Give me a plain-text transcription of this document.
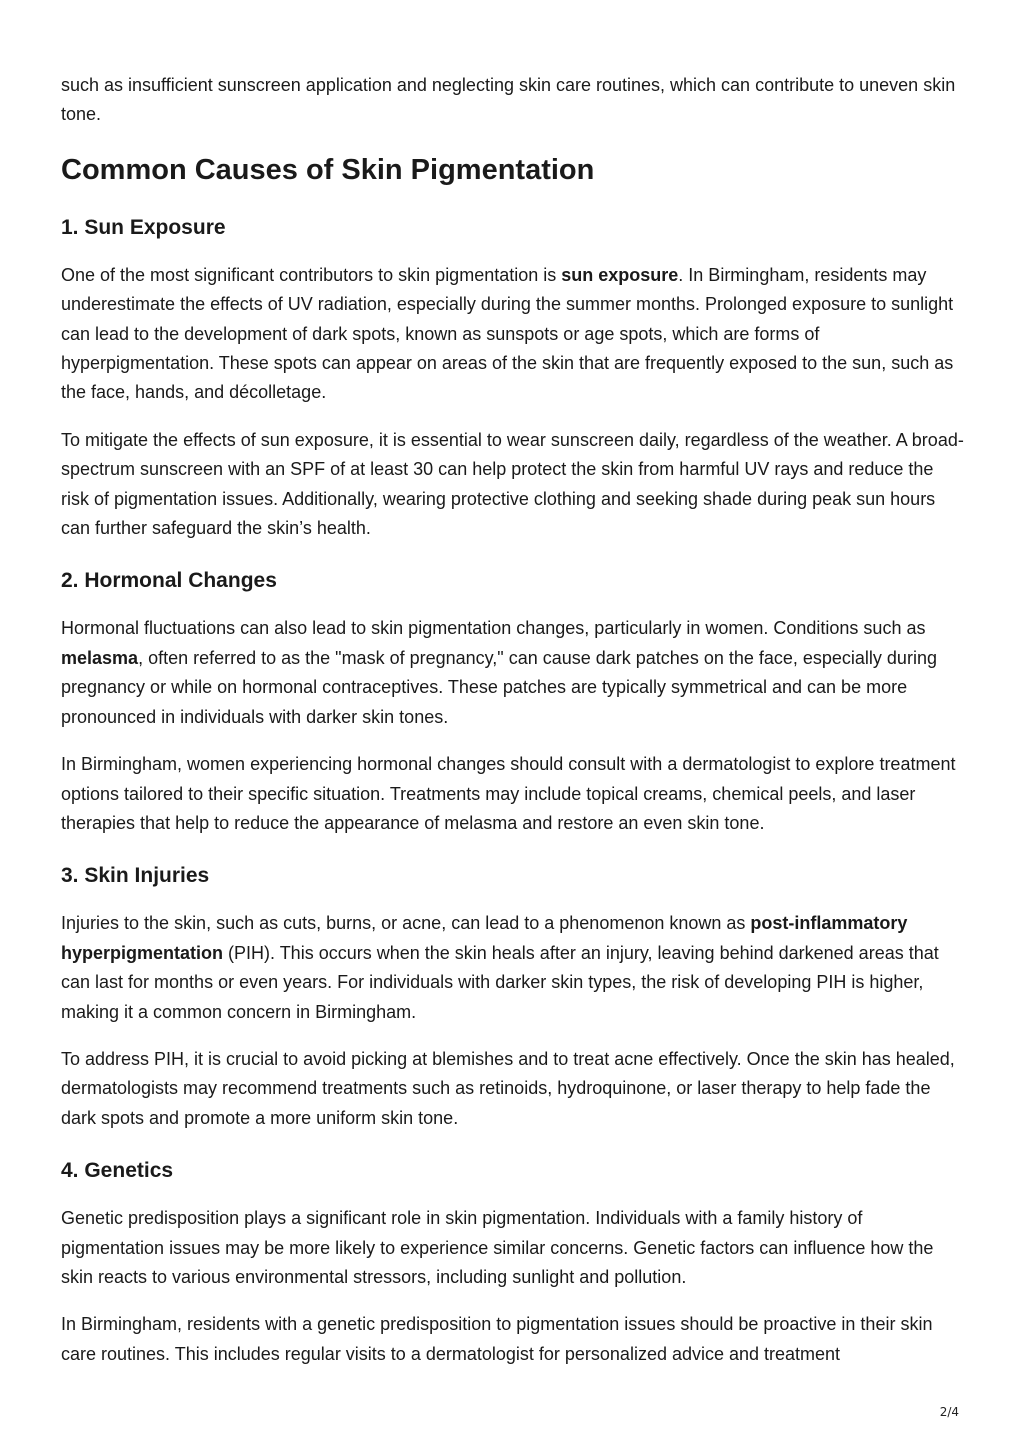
such as insufficient sunscreen application and neglecting skin care routines, which can contribute to uneven skin tone.

Common Causes of Skin Pigmentation
1. Sun Exposure

One of the most significant contributors to skin pigmentation is sun exposure. In Birmingham, residents may underestimate the effects of UV radiation, especially during the summer months. Prolonged exposure to sunlight can lead to the development of dark spots, known as sunspots or age spots, which are forms of hyperpigmentation. These spots can appear on areas of the skin that are frequently exposed to the sun, such as the face, hands, and décolletage.

To mitigate the effects of sun exposure, it is essential to wear sunscreen daily, regardless of the weather. A broad-spectrum sunscreen with an SPF of at least 30 can help protect the skin from harmful UV rays and reduce the risk of pigmentation issues. Additionally, wearing protective clothing and seeking shade during peak sun hours can further safeguard the skin’s health.

2. Hormonal Changes

Hormonal fluctuations can also lead to skin pigmentation changes, particularly in women. Conditions such as melasma, often referred to as the "mask of pregnancy," can cause dark patches on the face, especially during pregnancy or while on hormonal contraceptives. These patches are typically symmetrical and can be more pronounced in individuals with darker skin tones.

In Birmingham, women experiencing hormonal changes should consult with a dermatologist to explore treatment options tailored to their specific situation. Treatments may include topical creams, chemical peels, and laser therapies that help to reduce the appearance of melasma and restore an even skin tone.

3. Skin Injuries

Injuries to the skin, such as cuts, burns, or acne, can lead to a phenomenon known as post-inflammatory hyperpigmentation (PIH). This occurs when the skin heals after an injury, leaving behind darkened areas that can last for months or even years. For individuals with darker skin types, the risk of developing PIH is higher, making it a common concern in Birmingham.

To address PIH, it is crucial to avoid picking at blemishes and to treat acne effectively. Once the skin has healed, dermatologists may recommend treatments such as retinoids, hydroquinone, or laser therapy to help fade the dark spots and promote a more uniform skin tone.

4. Genetics

Genetic predisposition plays a significant role in skin pigmentation. Individuals with a family history of pigmentation issues may be more likely to experience similar concerns. Genetic factors can influence how the skin reacts to various environmental stressors, including sunlight and pollution.

In Birmingham, residents with a genetic predisposition to pigmentation issues should be proactive in their skin care routines. This includes regular visits to a dermatologist for personalized advice and treatment

2/4
